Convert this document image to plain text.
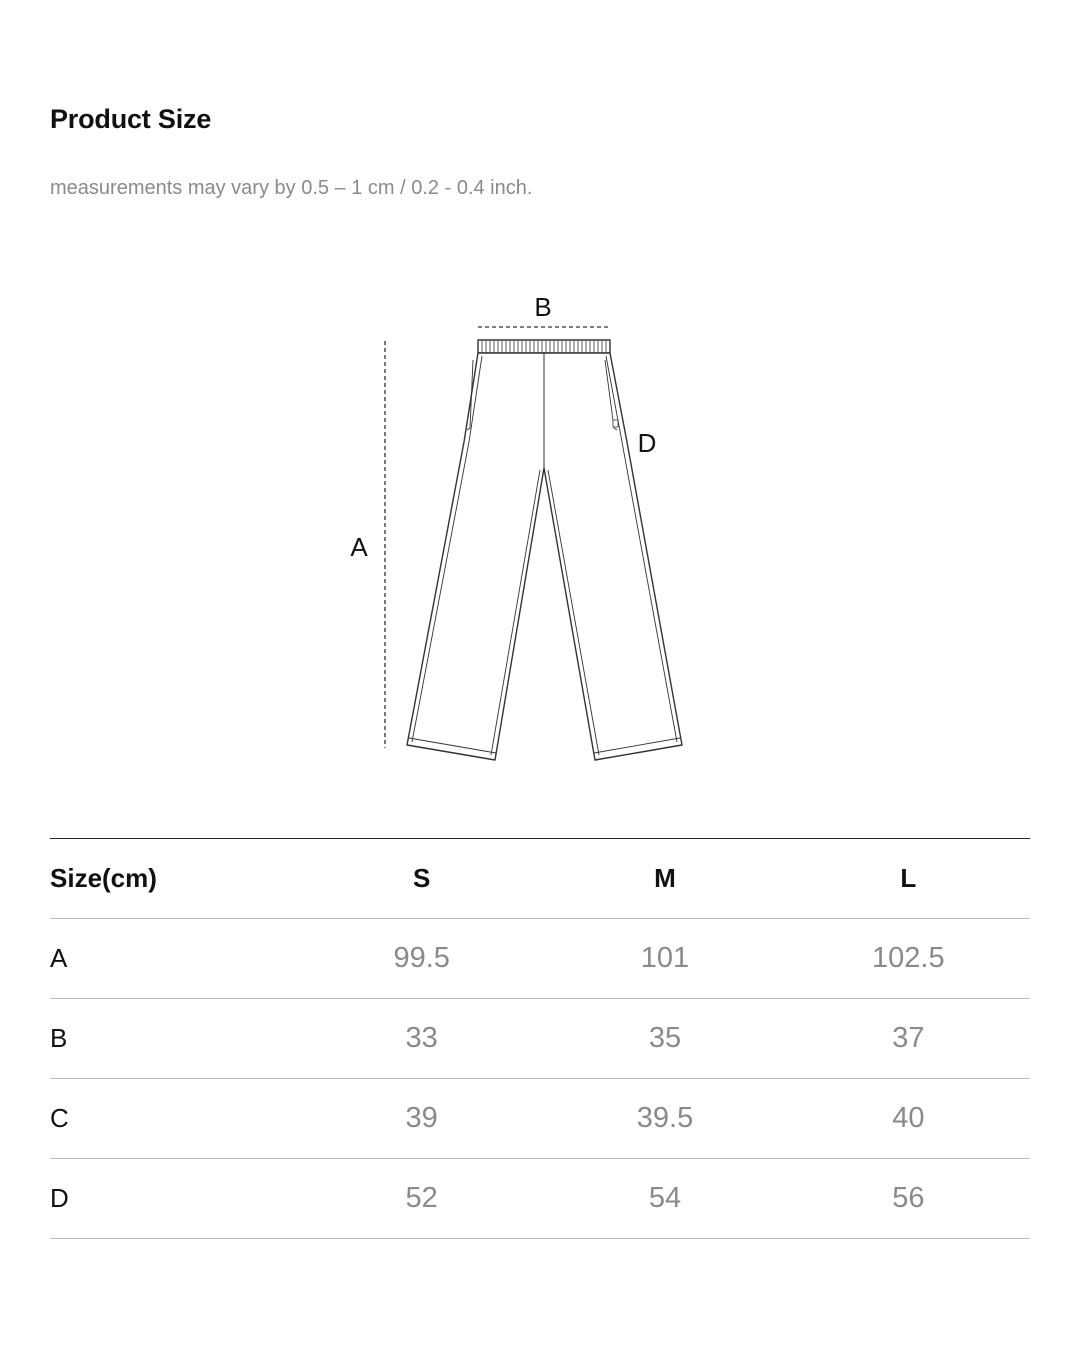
Product Size

measurements may vary by 0.5 – 1 cm / 0.2 - 0.4 inch.

B
D
A
Size(cm)	S	M	L
A	99.5	101	102.5
B	33	35	37
C	39	39.5	40
D	52	54	56
